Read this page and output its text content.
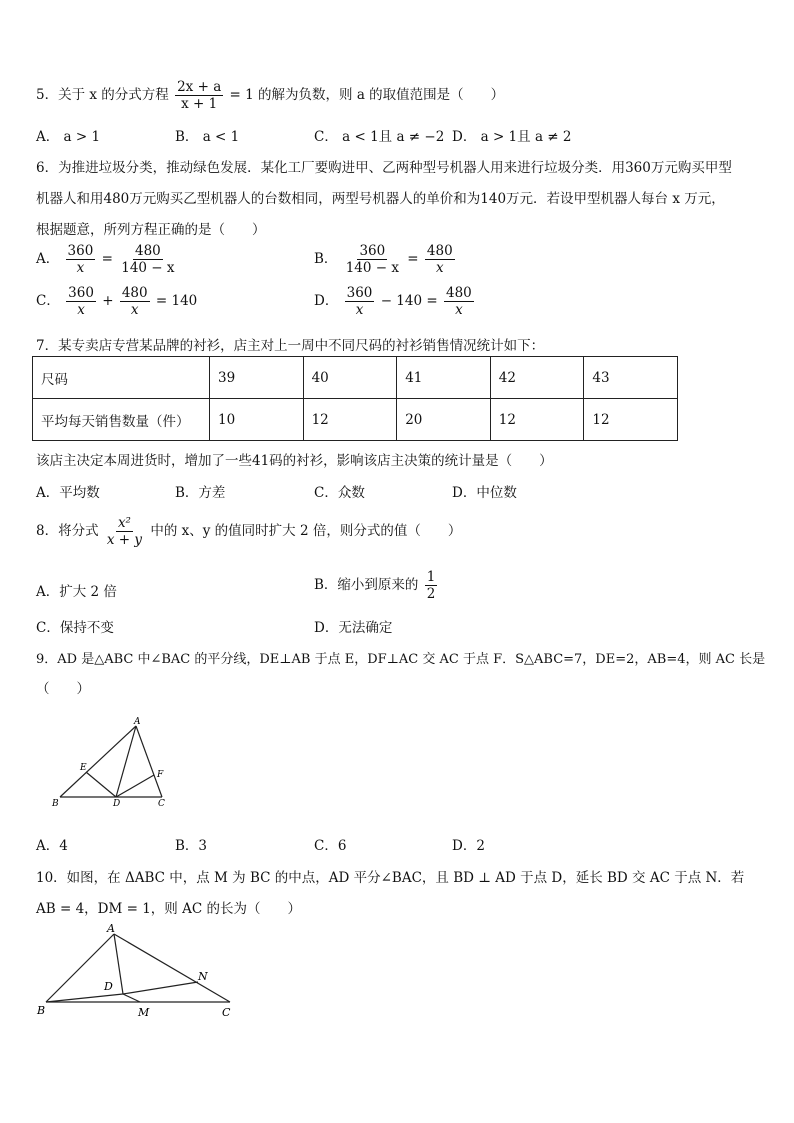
5．关于 x 的分式方程 $\frac{2x + a}{x + 1} = 1$ 的解为负数，则 a 的取值范围是（　　）
A． a > 1	B． a < 1	C． a < 1且 a ≠ −2 D． a > 1且 a ≠ 2
6．为推进垃圾分类，推动绿色发展．某化工厂要购进甲、乙两种型号机器人用来进行垃圾分类．用360万元购买甲型
机器人和用480万元购买乙型机器人的台数相同，两型号机器人的单价和为140万元．若设甲型机器人每台 x 万元，
根据题意，所列方程正确的是（　　）
A． $\frac{360}{x} = \frac{480}{140 - x}$	B． $\frac{360}{140 - x} = \frac{480}{x}$
C． $\frac{360}{x} + \frac{480}{x} = 140$	D． $\frac{360}{x} - 140 = \frac{480}{x}$
7．某专卖店专营某品牌的衬衫，店主对上一周中不同尺码的衬衫销售情况统计如下：
尺码	39	40	41	42	43
平均每天销售数量（件）	10	12	20	12	12
该店主决定本周进货时，增加了一些41码的衬衫，影响该店主决策的统计量是（　　）
A．平均数	B．方差	C．众数	D．中位数
8．将分式 $\frac{\text{x²}}{x + y}$ 中的 x、y 的值同时扩大 2 倍，则分式的值（　　）
A．扩大 2 倍	B．缩小到原来的 $\frac{1}{2}$
C．保持不变	D．无法确定
9．AD 是△ABC 中∠BAC 的平分线，DE⊥AB 于点 E，DF⊥AC 交 AC 于点 F．S△ABC=7，DE=2，AB=4，则 AC 长是
（　　）
A
B	C
D
E
F
A．4	B．3	C．6	D．2
10．如图，在 ΔABC 中，点 M 为 BC 的中点，AD 平分∠BAC，且 BD ⊥ AD 于点 D，延长 BD 交 AC 于点 N．若
AB = 4，DM = 1，则 AC 的长为（　　）
A
B	C
D
M
N
